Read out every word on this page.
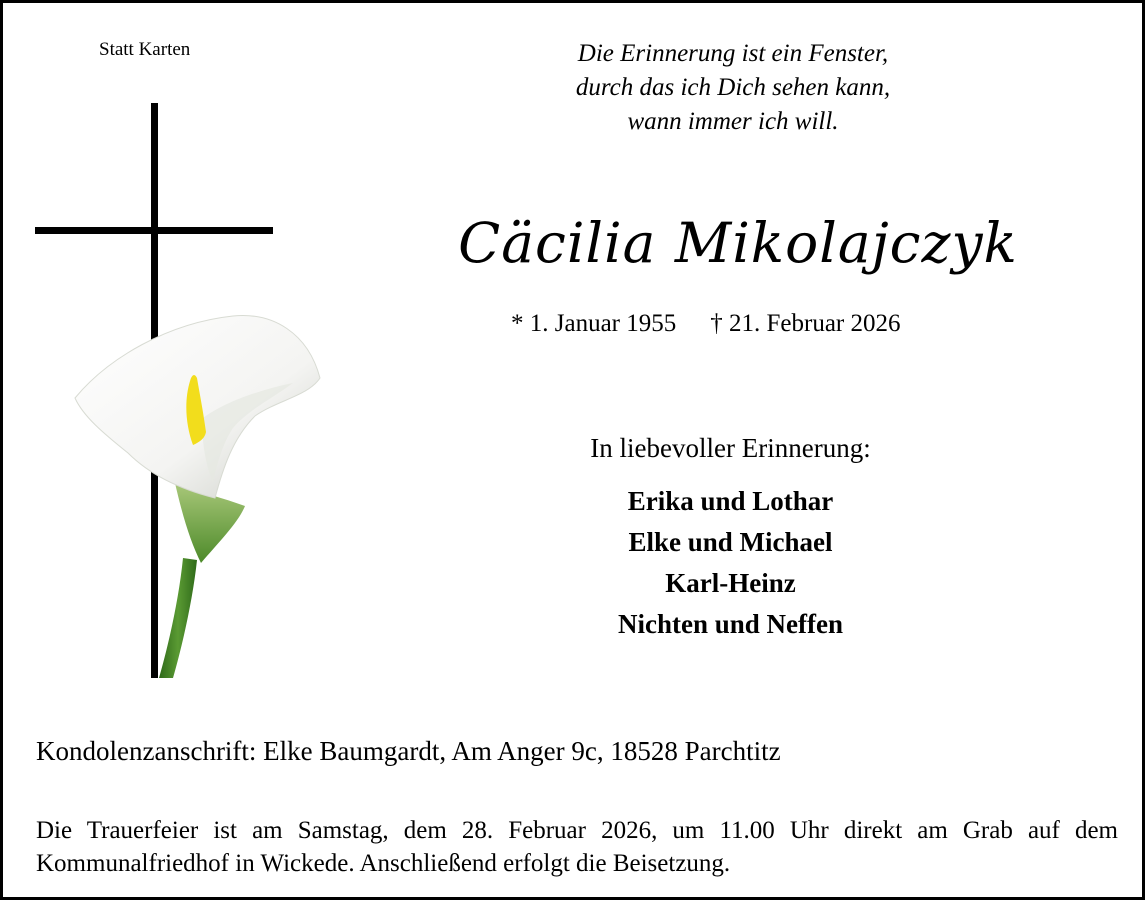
Statt Karten	Die Erinnerung ist ein Fenster,
durch das ich Dich sehen kann,
wann immer ich will.
Cäcilia Mikolajczyk
* 1. Januar 1955 † 21. Februar 2026
In liebevoller Erinnerung:
Erika und Lothar
Elke und Michael
Karl-Heinz
Nichten und Neffen
Kondolenzanschrift: Elke Baumgardt, Am Anger 9c, 18528 Parchtitz
Die Trauerfeier ist am Samstag, dem 28. Februar 2026, um 11.00 Uhr direkt am Grab auf dem Kommunalfriedhof in Wickede. Anschließend erfolgt die Beisetzung.
